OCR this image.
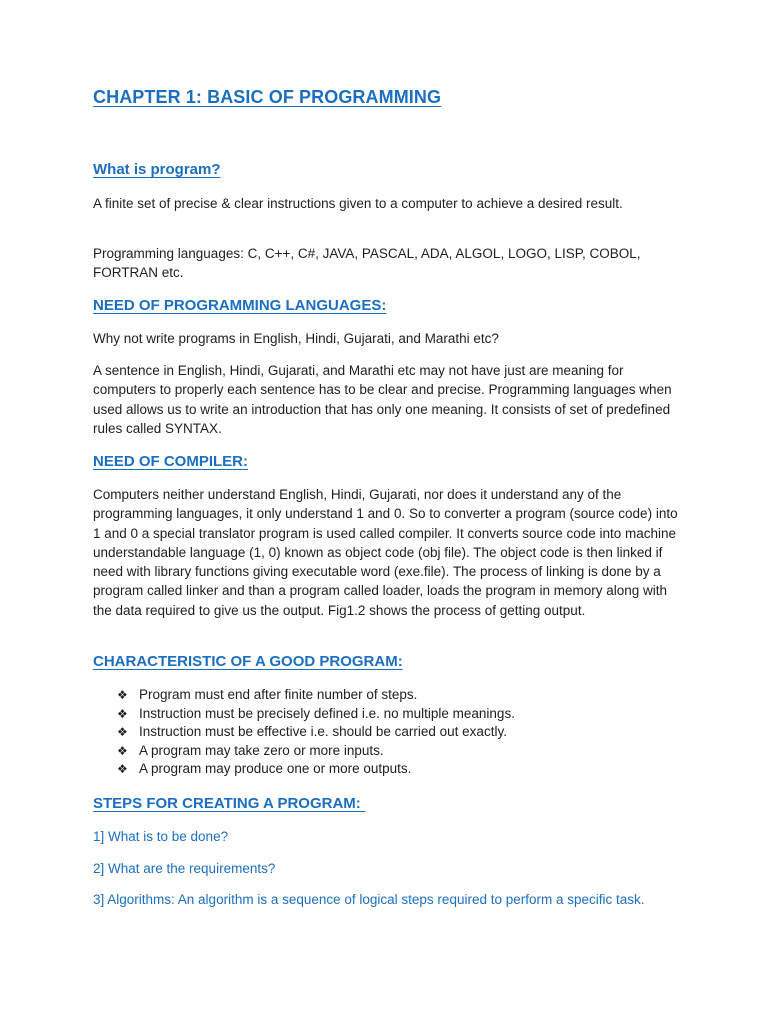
CHAPTER 1: BASIC OF PROGRAMMING
What is program?

A finite set of precise & clear instructions given to a computer to achieve a desired result.

Programming languages: C, C++, C#, JAVA, PASCAL, ADA, ALGOL, LOGO, LISP, COBOL, FORTRAN etc.

NEED OF PROGRAMMING LANGUAGES:

Why not write programs in English, Hindi, Gujarati, and Marathi etc?

A sentence in English, Hindi, Gujarati, and Marathi etc may not have just are meaning for computers to properly each sentence has to be clear and precise. Programming languages when used allows us to write an introduction that has only one meaning. It consists of set of predefined rules called SYNTAX.

NEED OF COMPILER:

Computers neither understand English, Hindi, Gujarati, nor does it understand any of the programming languages, it only understand 1 and 0. So to converter a program (source code) into 1 and 0 a special translator program is used called compiler. It converts source code into machine understandable language (1, 0) known as object code (obj file). The object code is then linked if need with library functions giving executable word (exe.file). The process of linking is done by a program called linker and than a program called loader, loads the program in memory along with the data required to give us the output. Fig1.2 shows the process of getting output.

CHARACTERISTIC OF A GOOD PROGRAM:
❖ Program must end after finite number of steps.
❖ Instruction must be precisely defined i.e. no multiple meanings.
❖ Instruction must be effective i.e. should be carried out exactly.
❖ A program may take zero or more inputs.
❖ A program may produce one or more outputs.
STEPS FOR CREATING A PROGRAM:

1] What is to be done?

2] What are the requirements?

3] Algorithms: An algorithm is a sequence of logical steps required to perform a specific task.
